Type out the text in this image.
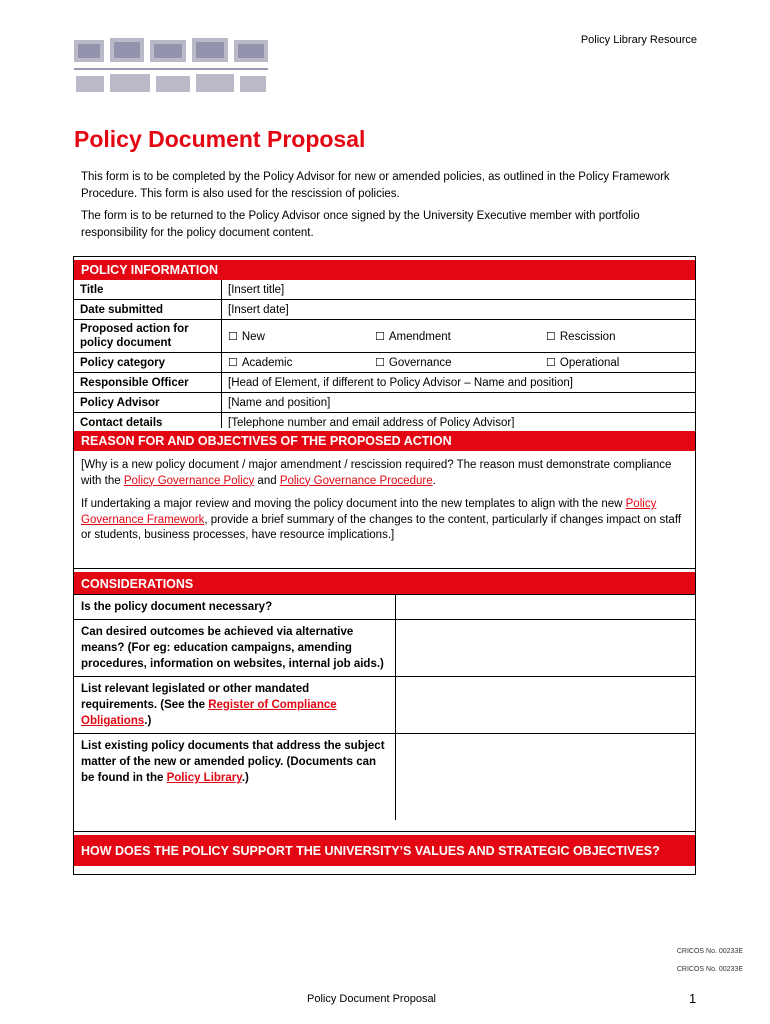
Policy Library Resource
Policy Document Proposal

This form is to be completed by the Policy Advisor for new or amended policies, as outlined in the Policy Framework Procedure. This form is also used for the rescission of policies.

The form is to be returned to the Policy Advisor once signed by the University Executive member with portfolio responsibility for the policy document content.

POLICY INFORMATION
Title	[Insert title]
Date submitted	[Insert date]
Proposed action for policy document	☐ New ☐ Amendment ☐ Rescission

Policy category	☐ Academic ☐ Governance ☐ Operational

Responsible Officer	[Head of Element, if different to Policy Advisor – Name and position]
Policy Advisor	[Name and position]
Contact details	[Telephone number and email address of Policy Advisor]
REASON FOR AND OBJECTIVES OF THE PROPOSED ACTION

[Why is a new policy document / major amendment / rescission required? The reason must demonstrate compliance with the Policy Governance Policy and Policy Governance Procedure.

If undertaking a major review and moving the policy document into the new templates to align with the new Policy Governance Framework, provide a brief summary of the changes to the content, particularly if changes impact on staff or students, business processes, have resource implications.]

CONSIDERATIONS
Is the policy document necessary?	
Can desired outcomes be achieved via alternative means? (For eg: education campaigns, amending procedures, information on websites, internal job aids.)	
List relevant legislated or other mandated requirements. (See the Register of Compliance Obligations.)	
List existing policy documents that address the subject matter of the new or amended policy. (Documents can be found in the Policy Library.)	
HOW DOES THE POLICY SUPPORT THE UNIVERSITY’S VALUES AND STRATEGIC OBJECTIVES?
CRICOS No. 00233E
CRICOS No. 00233E
Policy Document Proposal	1
